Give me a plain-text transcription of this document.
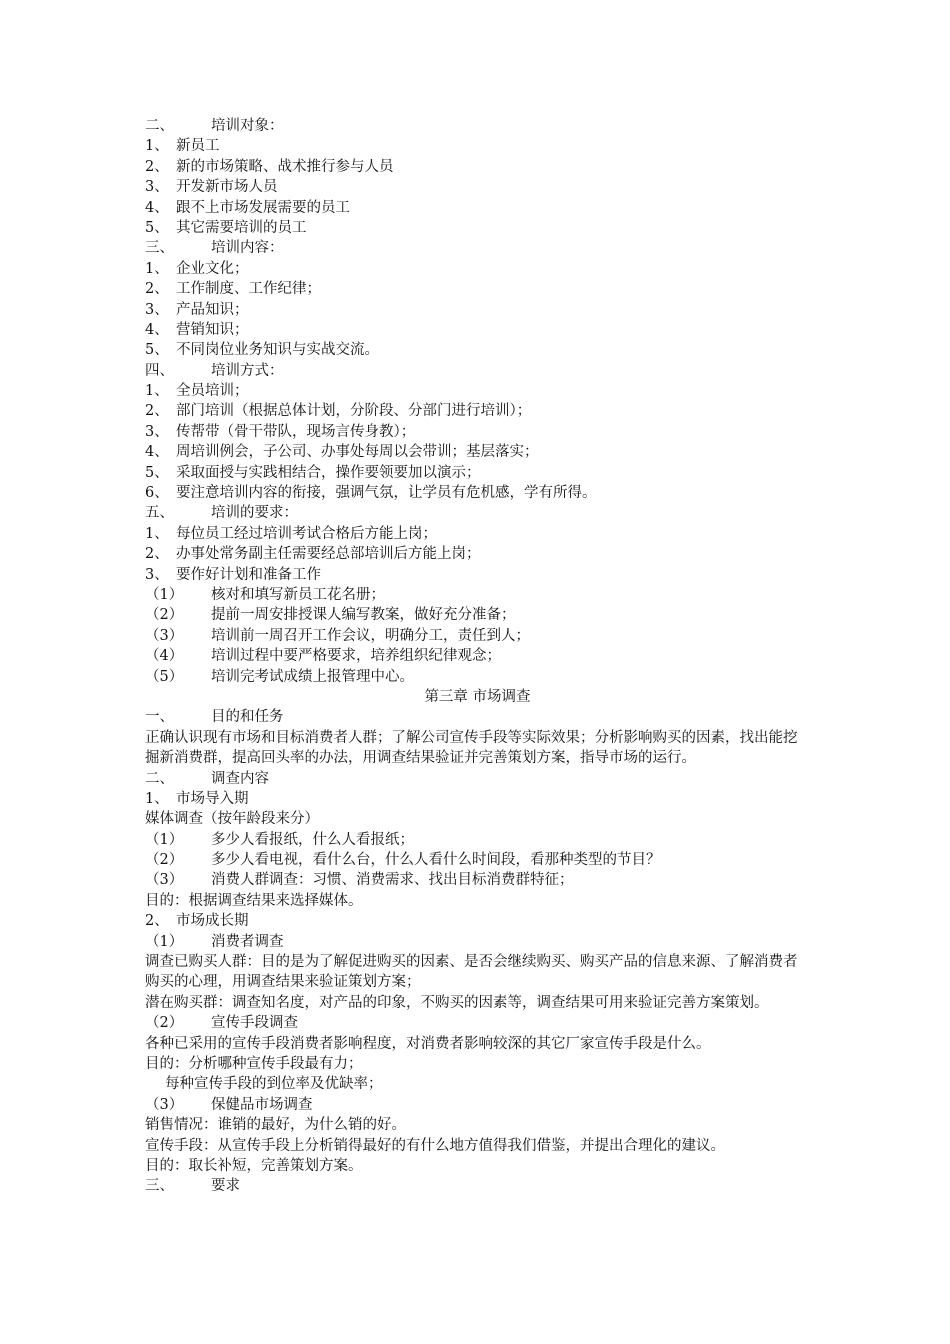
二、	培训对象：
1、 新员工
2、 新的市场策略、战术推行参与人员
3、 开发新市场人员
4、 跟不上市场发展需要的员工
5、 其它需要培训的员工
三、	培训内容：
1、 企业文化；
2、 工作制度、工作纪律；
3、 产品知识；
4、 营销知识；
5、 不同岗位业务知识与实战交流。
四、	培训方式：
1、 全员培训；
2、 部门培训（根据总体计划，分阶段、分部门进行培训）；
3、 传帮带（骨干带队，现场言传身教）；
4、 周培训例会，子公司、办事处每周以会带训；基层落实；
5、 采取面授与实践相结合，操作要领要加以演示；
6、 要注意培训内容的衔接，强调气氛，让学员有危机感，学有所得。
五、	培训的要求：
1、 每位员工经过培训考试合格后方能上岗；
2、 办事处常务副主任需要经总部培训后方能上岗；
3、 要作好计划和准备工作
（1） 核对和填写新员工花名册；
（2） 提前一周安排授课人编写教案，做好充分准备；
（3） 培训前一周召开工作会议，明确分工，责任到人；
（4） 培训过程中要严格要求，培养组织纪律观念；
（5） 培训完考试成绩上报管理中心。
第三章 市场调查
一、	目的和任务
正确认识现有市场和目标消费者人群；了解公司宣传手段等实际效果；分析影响购买的因素，找出能挖掘新消费群，提高回头率的办法，用调查结果验证并完善策划方案，指导市场的运行。
二、	调查内容
1、 市场导入期
媒体调查（按年龄段来分）
（1） 多少人看报纸，什么人看报纸；
（2） 多少人看电视，看什么台，什么人看什么时间段，看那种类型的节目？
（3） 消费人群调查：习惯、消费需求、找出目标消费群特征；
目的：根据调查结果来选择媒体。
2、 市场成长期
（1） 消费者调查
调查已购买人群：目的是为了解促进购买的因素、是否会继续购买、购买产品的信息来源、了解消费者购买的心理，用调查结果来验证策划方案；
潜在购买群：调查知名度，对产品的印象，不购买的因素等，调查结果可用来验证完善方案策划。
（2） 宣传手段调查
各种已采用的宣传手段消费者影响程度，对消费者影响较深的其它厂家宣传手段是什么。
目的：分析哪种宣传手段最有力；
每种宣传手段的到位率及优缺率；
（3） 保健品市场调查
销售情况：谁销的最好，为什么销的好。
宣传手段：从宣传手段上分析销得最好的有什么地方值得我们借鉴，并提出合理化的建议。
目的：取长补短，完善策划方案。
三、	要求
